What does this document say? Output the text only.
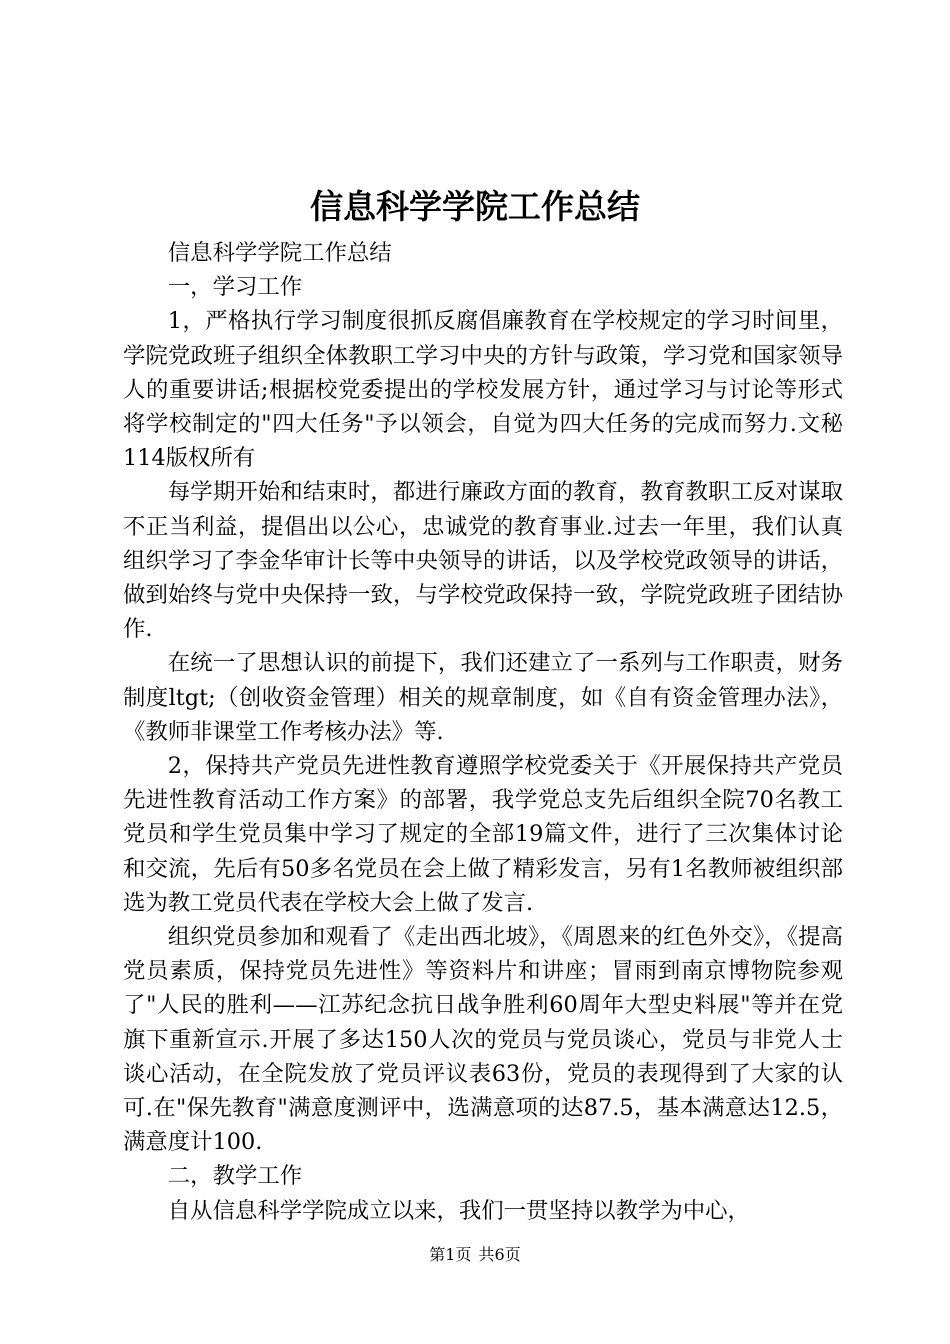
信息科学学院工作总结

信息科学学院工作总结

一，学习工作

1，严格执行学习制度很抓反腐倡廉教育在学校规定的学习时间里，学院党政班子组织全体教职工学习中央的方针与政策，学习党和国家领导人的重要讲话;根据校党委提出的学校发展方针，通过学习与讨论等形式将学校制定的"四大任务"予以领会，自觉为四大任务的完成而努力.文秘114版权所有

每学期开始和结束时，都进行廉政方面的教育，教育教职工反对谋取不正当利益，提倡出以公心，忠诚党的教育事业.过去一年里，我们认真组织学习了李金华审计长等中央领导的讲话，以及学校党政领导的讲话，做到始终与党中央保持一致，与学校党政保持一致，学院党政班子团结协作.

在统一了思想认识的前提下，我们还建立了一系列与工作职责，财务制度ltgt;（创收资金管理）相关的规章制度，如《自有资金管理办法》，《教师非课堂工作考核办法》等.

2，保持共产党员先进性教育遵照学校党委关于《开展保持共产党员先进性教育活动工作方案》的部署，我学党总支先后组织全院70名教工党员和学生党员集中学习了规定的全部19篇文件，进行了三次集体讨论和交流，先后有50多名党员在会上做了精彩发言，另有1名教师被组织部选为教工党员代表在学校大会上做了发言.

组织党员参加和观看了《走出西北坡》，《周恩来的红色外交》，《提高党员素质，保持党员先进性》等资料片和讲座；冒雨到南京博物院参观了"人民的胜利——江苏纪念抗日战争胜利60周年大型史料展"等并在党旗下重新宣示.开展了多达150人次的党员与党员谈心，党员与非党人士谈心活动，在全院发放了党员评议表63份，党员的表现得到了大家的认可.在"保先教育"满意度测评中，选满意项的达87.5，基本满意达12.5，满意度计100.

二，教学工作

自从信息科学学院成立以来，我们一贯坚持以教学为中心，

第1页 共6页
